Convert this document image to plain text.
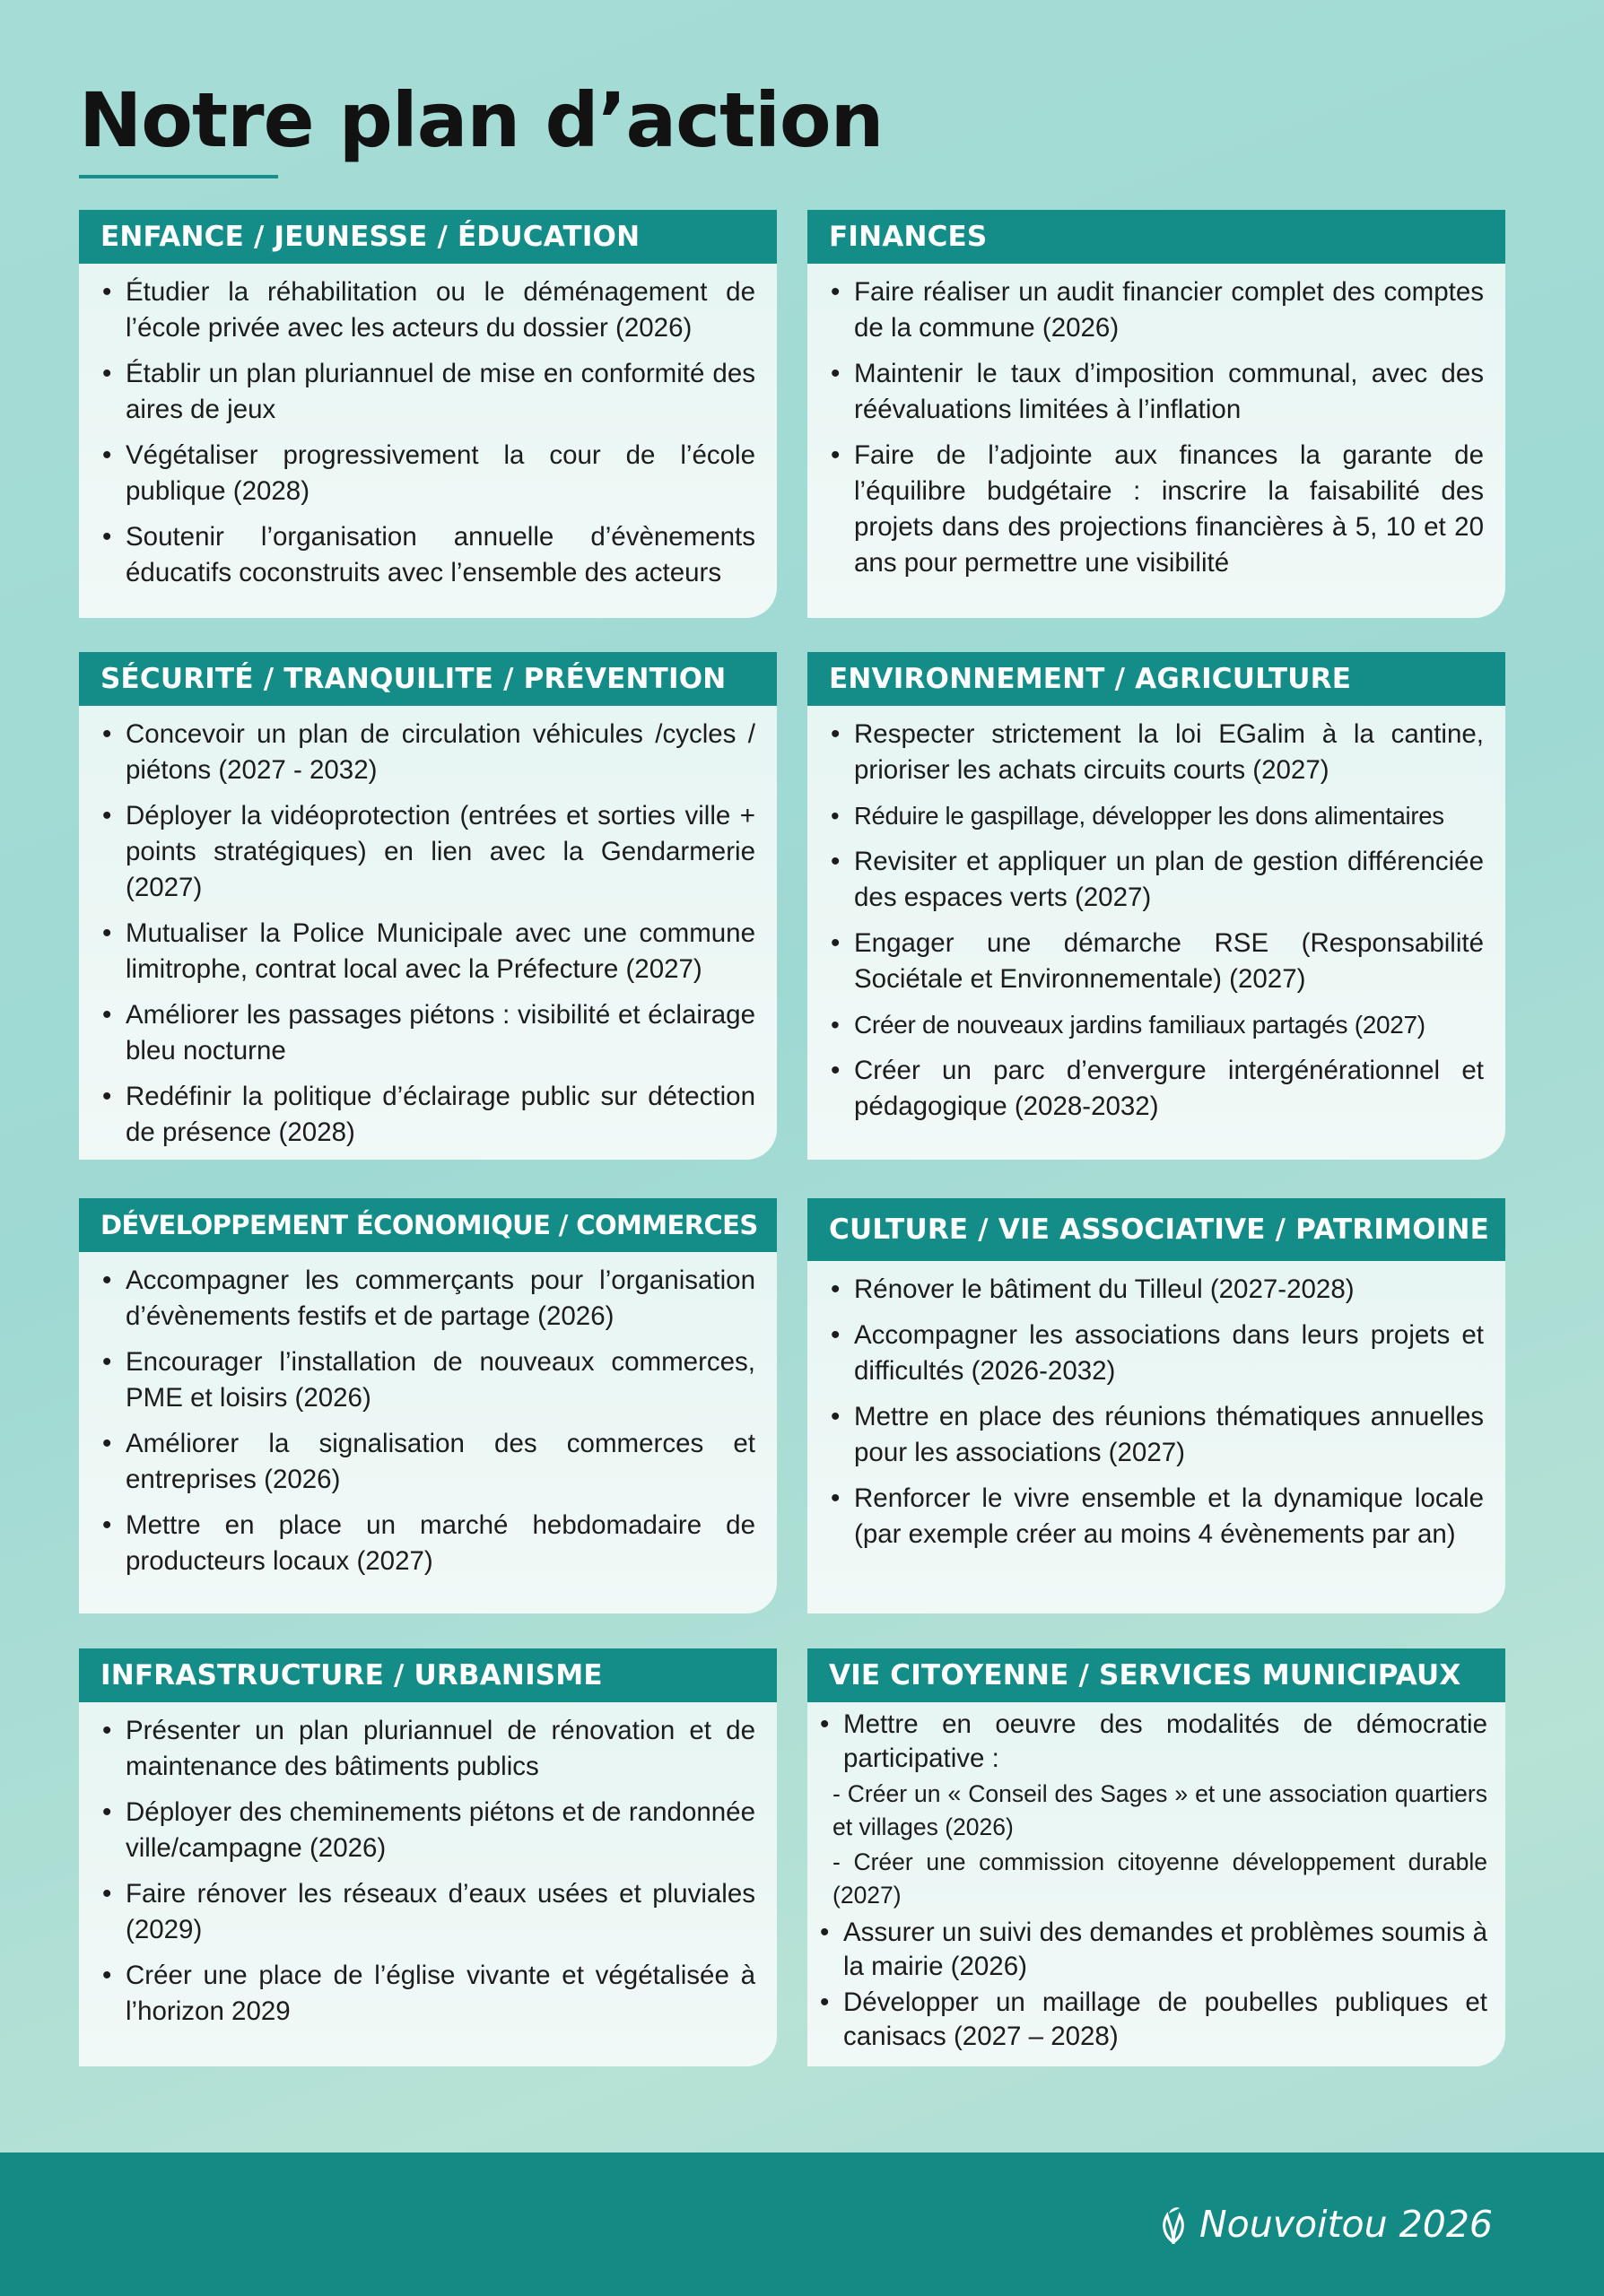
Notre plan d’action
ENFANCE / JEUNESSE / ÉDUCATION
• Étudier la réhabilitation ou le déménagement de l’école privée avec les acteurs du dossier (2026)
• Établir un plan pluriannuel de mise en conformité des aires de jeux
• Végétaliser progressivement la cour de l’école publique (2028)
• Soutenir l’organisation annuelle d’évènements éducatifs coconstruits avec l’ensemble des acteurs
FINANCES
• Faire réaliser un audit financier complet des comptes de la commune (2026)
• Maintenir le taux d’imposition communal, avec des réévaluations limitées à l’inflation
• Faire de l’adjointe aux finances la garante de l’équilibre budgétaire : inscrire la faisabilité des projets dans des projections financières à 5, 10 et 20 ans pour permettre une visibilité
SÉCURITÉ / TRANQUILITE / PRÉVENTION
• Concevoir un plan de circulation véhicules /cycles / piétons (2027 - 2032)
• Déployer la vidéoprotection (entrées et sorties ville + points stratégiques) en lien avec la Gendarmerie (2027)
• Mutualiser la Police Municipale avec une commune limitrophe, contrat local avec la Préfecture (2027)
• Améliorer les passages piétons : visibilité et éclairage bleu nocturne
• Redéfinir la politique d’éclairage public sur détection de présence (2028)
ENVIRONNEMENT / AGRICULTURE
• Respecter strictement la loi EGalim à la cantine, prioriser les achats circuits courts (2027)
• Réduire le gaspillage, développer les dons alimentaires
• Revisiter et appliquer un plan de gestion différenciée des espaces verts (2027)
• Engager une démarche RSE (Responsabilité Sociétale et Environnementale) (2027)
• Créer de nouveaux jardins familiaux partagés (2027)
• Créer un parc d’envergure intergénérationnel et pédagogique (2028-2032)
DÉVELOPPEMENT ÉCONOMIQUE / COMMERCES
• Accompagner les commerçants pour l’organisation d’évènements festifs et de partage (2026)
• Encourager l’installation de nouveaux commerces, PME et loisirs (2026)
• Améliorer la signalisation des commerces et entreprises (2026)
• Mettre en place un marché hebdomadaire de producteurs locaux (2027)
CULTURE / VIE ASSOCIATIVE / PATRIMOINE
• Rénover le bâtiment du Tilleul (2027-2028)
• Accompagner les associations dans leurs projets et difficultés (2026-2032)
• Mettre en place des réunions thématiques annuelles pour les associations (2027)
• Renforcer le vivre ensemble et la dynamique locale (par exemple créer au moins 4 évènements par an)
INFRASTRUCTURE / URBANISME
• Présenter un plan pluriannuel de rénovation et de maintenance des bâtiments publics
• Déployer des cheminements piétons et de randonnée ville/campagne (2026)
• Faire rénover les réseaux d’eaux usées et pluviales (2029)
• Créer une place de l’église vivante et végétalisée à l’horizon 2029
VIE CITOYENNE / SERVICES MUNICIPAUX
• Mettre en oeuvre des modalités de démocratie participative :
- Créer un « Conseil des Sages » et une association quartiers et villages (2026)
- Créer une commission citoyenne développement durable (2027)
• Assurer un suivi des demandes et problèmes soumis à la mairie (2026)
• Développer un maillage de poubelles publiques et canisacs (2027 – 2028)
Nouvoitou 2026
